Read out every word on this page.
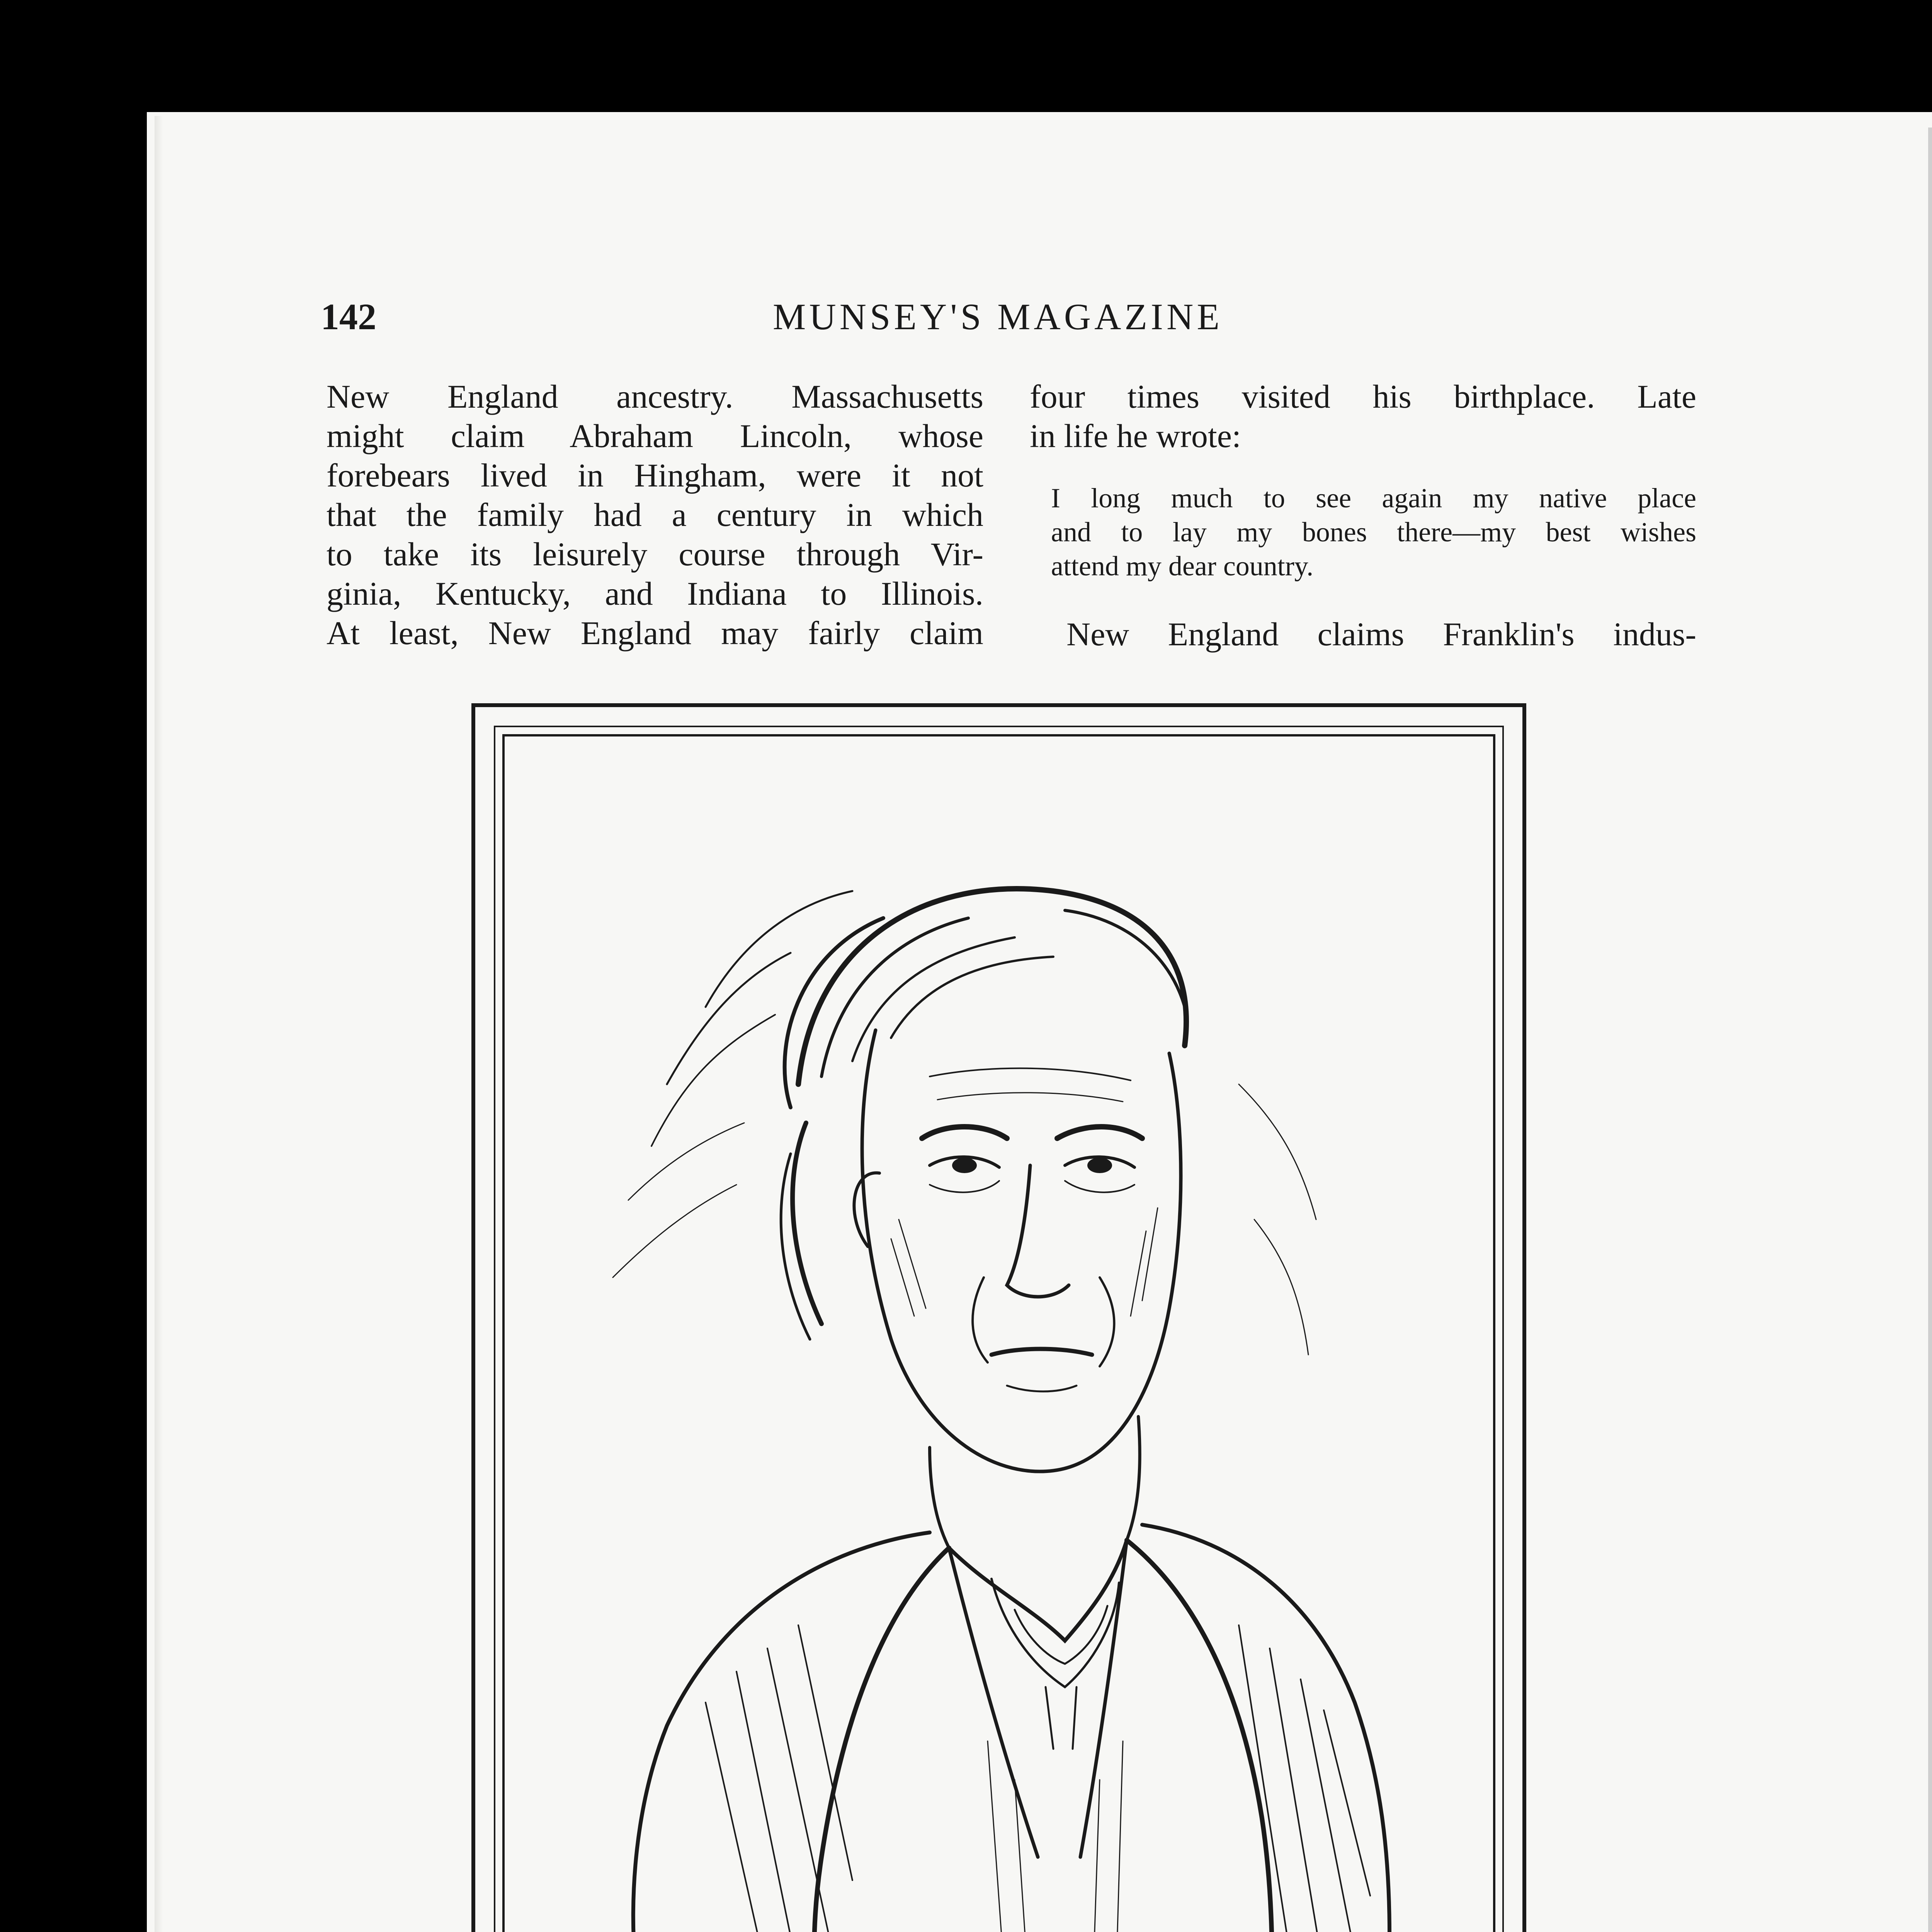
142	MUNSEY'S MAGAZINE

New England ancestry. Massachusetts

might claim Abraham Lincoln, whose

forebears lived in Hingham, were it not

that the family had a century in which

to take its leisurely course through Vir-

ginia, Kentucky, and Indiana to Illinois.

At least, New England may fairly claim

four times visited his birthplace. Late

in life he wrote:

I long much to see again my native place

and to lay my bones there—my best wishes

attend my dear country.

New England claims Franklin's indus-
